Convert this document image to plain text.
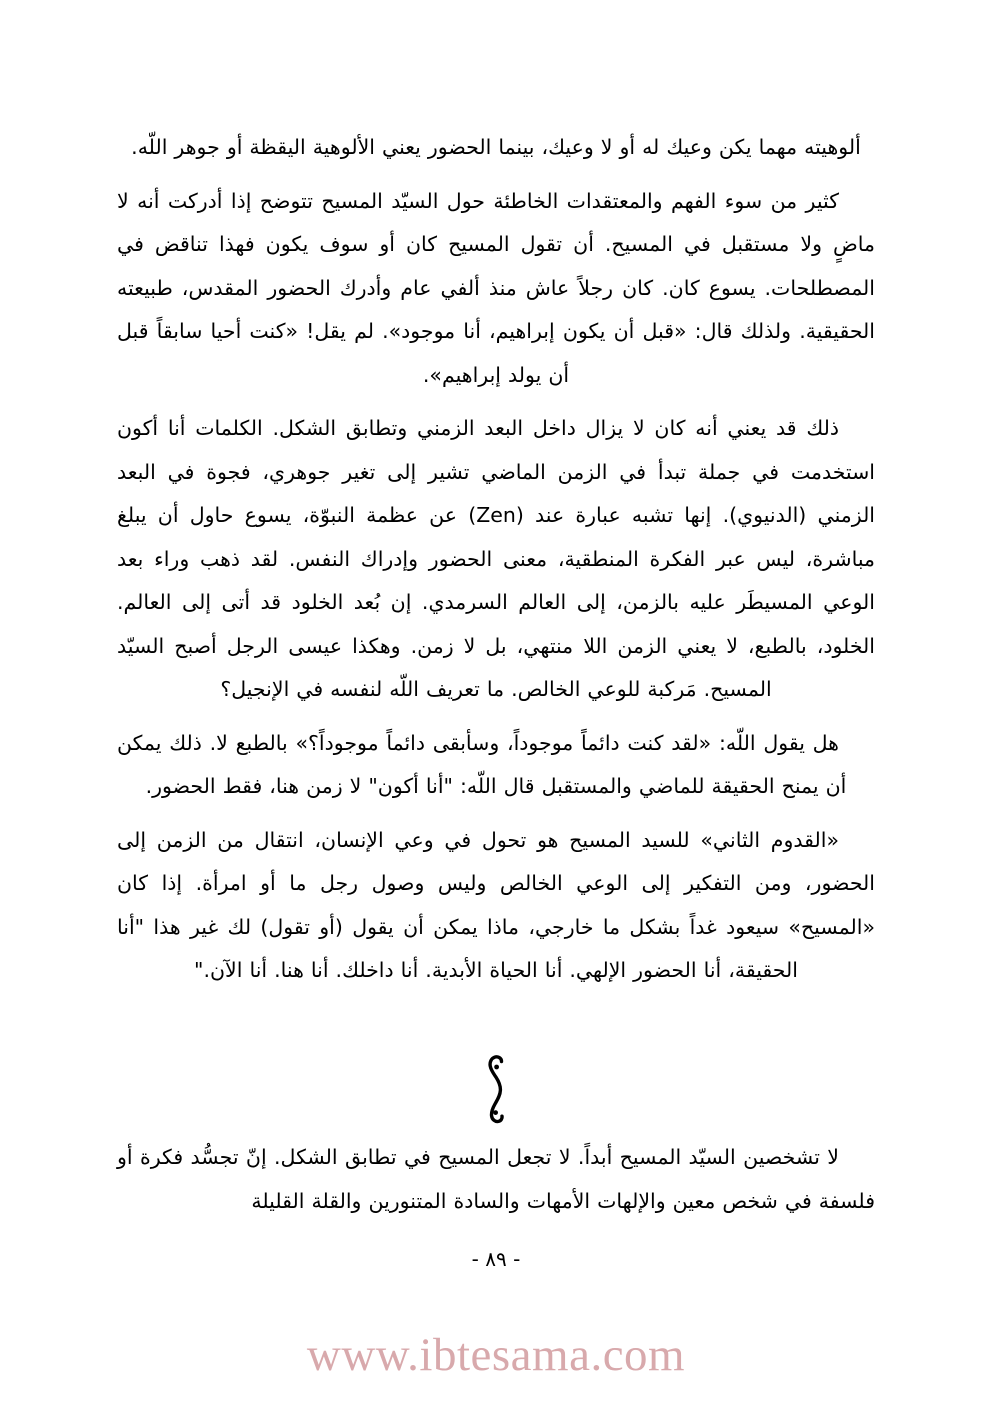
ألوهيته مهما يكن وعيك له أو لا وعيك، بينما الحضور يعني الألوهية اليقظة أو جوهر اللّه.

كثير من سوء الفهم والمعتقدات الخاطئة حول السيّد المسيح تتوضح إذا أدركت أنه لا ماضٍ ولا مستقبل في المسيح. أن تقول المسيح كان أو سوف يكون فهذا تناقض في المصطلحات. يسوع كان. كان رجلاً عاش منذ ألفي عام وأدرك الحضور المقدس، طبيعته الحقيقية. ولذلك قال: «قبل أن يكون إبراهيم، أنا موجود». لم يقل! «كنت أحيا سابقاً قبل أن يولد إبراهيم».

ذلك قد يعني أنه كان لا يزال داخل البعد الزمني وتطابق الشكل. الكلمات أنا أكون استخدمت في جملة تبدأ في الزمن الماضي تشير إلى تغير جوهري، فجوة في البعد الزمني (الدنيوي). إنها تشبه عبارة عند (Zen) عن عظمة النبوّة، يسوع حاول أن يبلغ مباشرة، ليس عبر الفكرة المنطقية، معنى الحضور وإدراك النفس. لقد ذهب وراء بعد الوعي المسيطَر عليه بالزمن، إلى العالم السرمدي. إن بُعد الخلود قد أتى إلى العالم. الخلود، بالطبع، لا يعني الزمن اللا منتهي، بل لا زمن. وهكذا عيسى الرجل أصبح السيّد المسيح. مَركبة للوعي الخالص. ما تعريف اللّه لنفسه في الإنجيل؟

هل يقول اللّه: «لقد كنت دائماً موجوداً، وسأبقى دائماً موجوداً؟» بالطبع لا. ذلك يمكن أن يمنح الحقيقة للماضي والمستقبل قال اللّه: "أنا أكون" لا زمن هنا، فقط الحضور.

«القدوم الثاني» للسيد المسيح هو تحول في وعي الإنسان، انتقال من الزمن إلى الحضور، ومن التفكير إلى الوعي الخالص وليس وصول رجل ما أو امرأة. إذا كان «المسيح» سيعود غداً بشكل ما خارجي، ماذا يمكن أن يقول (أو تقول) لك غير هذا "أنا الحقيقة، أنا الحضور الإلهي. أنا الحياة الأبدية. أنا داخلك. أنا هنا. أنا الآن."

لا تشخصين السيّد المسيح أبداً. لا تجعل المسيح في تطابق الشكل. إنّ تجسُّد فكرة أو فلسفة في شخص معين والإلهات الأمهات والسادة المتنورين والقلة القليلة

- ٨٩ -
www.ibtesama.com
